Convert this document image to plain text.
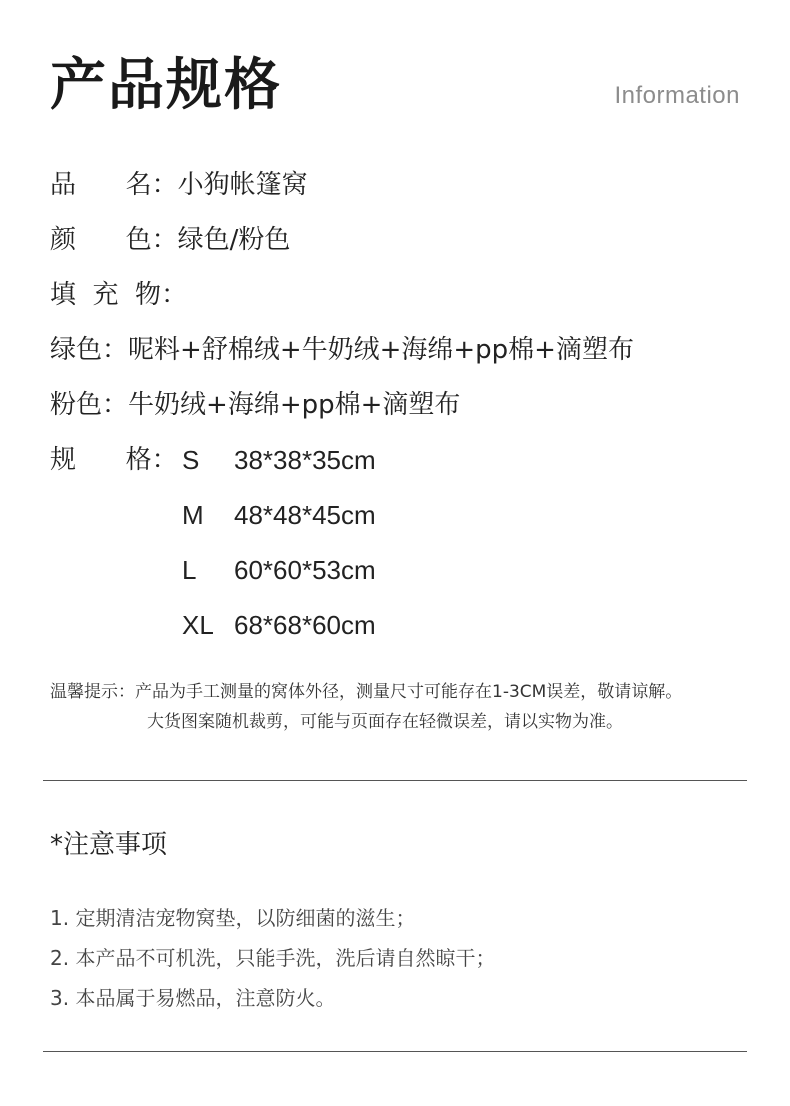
产品规格	Information
品      名：小狗帐篷窝
颜      色：绿色/粉色
填  充  物：
绿色：呢料+舒棉绒+牛奶绒+海绵+pp棉+滴塑布
粉色：牛奶绒+海绵+pp棉+滴塑布
规      格： S 38*38*35cm
M 48*48*45cm
L 60*60*53cm
XL 68*68*60cm
温馨提示：产品为手工测量的窝体外径，测量尺寸可能存在1-3CM误差，敬请谅解。
大货图案随机裁剪，可能与页面存在轻微误差，请以实物为准。
*注意事项
1. 定期清洁宠物窝垫，以防细菌的滋生；
2. 本产品不可机洗，只能手洗，洗后请自然晾干；
3. 本品属于易燃品，注意防火。
